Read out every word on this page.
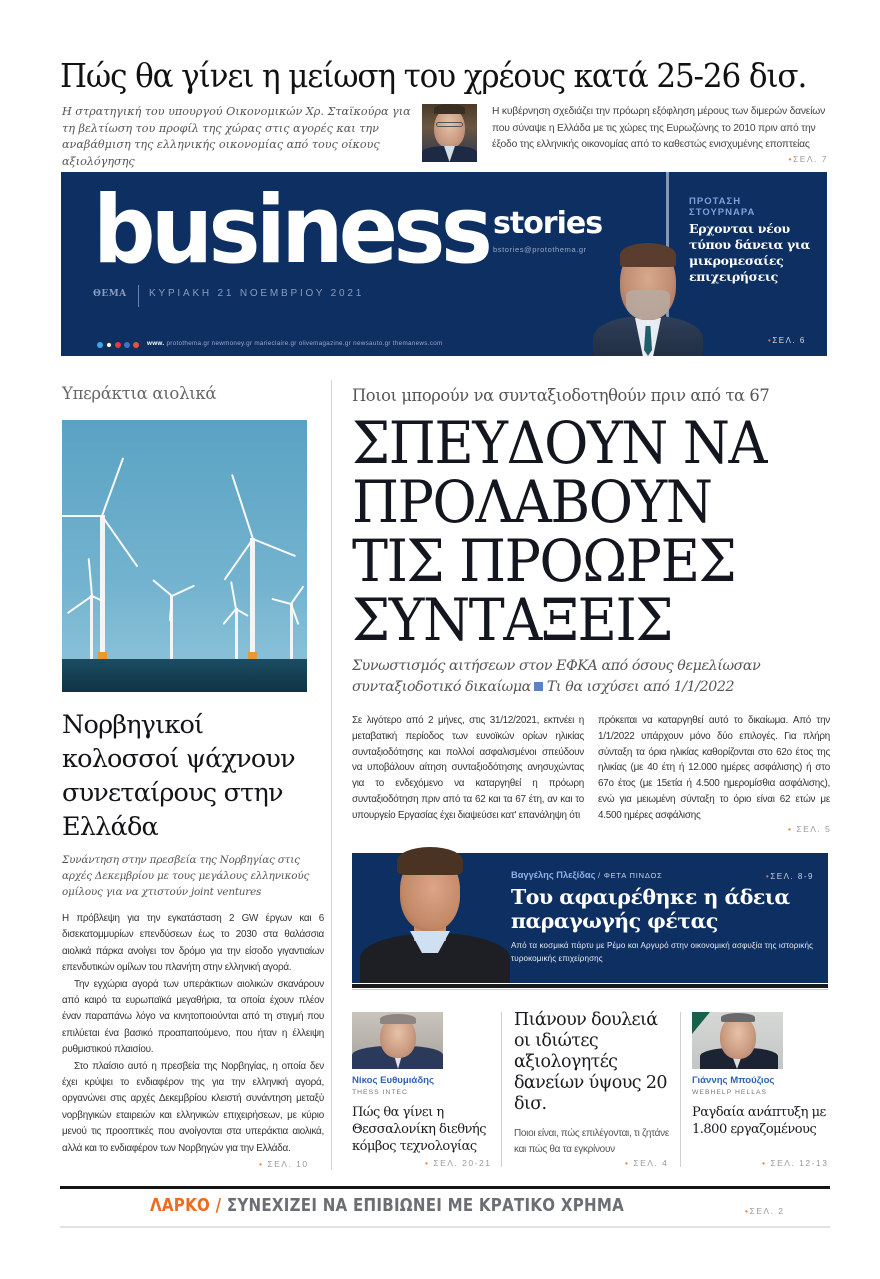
Πώς θα γίνει η μείωση του χρέους κατά 25-26 δισ.
Η στρατηγική του υπουργού Οικονομικών Χρ. Σταϊκούρα για τη βελτίωση του προφίλ της χώρας στις αγορές και την αναβάθμιση της ελληνικής οικονομίας από τους οίκους αξιολόγησης
Η κυβέρνηση σχεδιάζει την πρόωρη εξόφληση μέρους των διμερών δανείων που σύναψε η Ελλάδα με τις χώρες της Ευρωζώνης το 2010 πριν από την έξοδο της ελληνικής οικονομίας από το καθεστώς ενισχυμένης εποπτείας
•ΣΕΛ. 7
business stories
bstories@protothema.gr
ΘΕΜΑ ΚΥΡΙΑΚΗ 21 ΝΟΕΜΒΡΙΟΥ 2021
www. protothema.gr newmoney.gr marieclaire.gr olivemagazine.gr newsauto.gr themanews.com
ΠΡΟΤΑΣΗ ΣΤΟΥΡΝΑΡΑ
Ερχονται νέου τύπου δάνεια για μικρομεσαίες επιχειρήσεις
•ΣΕΛ. 6
Υπεράκτια αιολικά
Νορβηγικοί κολοσσοί ψάχνουν συνεταίρους στην Ελλάδα
Συνάντηση στην πρεσβεία της Νορβηγίας στις αρχές Δεκεμβρίου με τους μεγάλους ελληνικούς ομίλους για να χτιστούν joint ventures

Η πρόβλεψη για την εγκατάσταση 2 GW έργων και 6 δισεκατομμυρίων επενδύσεων έως το 2030 στα θαλάσσια αιολικά πάρκα ανοίγει τον δρόμο για την είσοδο γιγαντιαίων επενδυτικών ομίλων του πλανήτη στην ελληνική αγορά.

Την εγχώρια αγορά των υπεράκτιων αιολικών σκανάρουν από καιρό τα ευρωπαϊκά μεγαθήρια, τα οποία έχουν πλέον έναν παραπάνω λόγο να κινητοποιούνται από τη στιγμή που επιλύεται ένα βασικό προαπαιτούμενο, που ήταν η έλλειψη ρυθμιστικού πλαισίου.

Στο πλαίσιο αυτό η πρεσβεία της Νορβηγίας, η οποία δεν έχει κρύψει το ενδιαφέρον της για την ελληνική αγορά, οργανώνει στις αρχές Δεκεμβρίου κλειστή συνάντηση μεταξύ νορβηγικών εταιρειών και ελληνικών επιχειρήσεων, με κύριο μενού τις προοπτικές που ανοίγονται στα υπεράκτια αιολικά, αλλά και το ενδιαφέρον των Νορβηγών για την Ελλάδα.

• ΣΕΛ. 10
Ποιοι μπορούν να συνταξιοδοτηθούν πριν από τα 67
ΣΠΕΥΔΟΥΝ ΝΑ
ΠΡΟΛΑΒΟΥΝ
ΤΙΣ ΠΡΟΩΡΕΣ
ΣΥΝΤΑΞΕΙΣ
Συνωστισμός αιτήσεων στον ΕΦΚΑ από όσους θεμελίωσαν συνταξιοδοτικό δικαίωμα Τι θα ισχύσει από 1/1/2022
Σε λιγότερο από 2 μήνες, στις 31/12/2021, εκπνέει η μεταβατική περίοδος των ευνοϊκών ορίων ηλικίας συνταξιοδότησης και πολλοί ασφαλισμένοι σπεύδουν να υποβάλουν αίτηση συνταξιοδότησης ανησυχώντας για το ενδεχόμενο να καταργηθεί η πρόωρη συνταξιοδότηση πριν από τα 62 και τα 67 έτη, αν και το υπουργείο Εργασίας έχει διαψεύσει κατ' επανάληψη ότι
πρόκειται να καταργηθεί αυτό το δικαίωμα. Από την 1/1/2022 υπάρχουν μόνο δύο επιλογές. Για πλήρη σύνταξη τα όρια ηλικίας καθορίζονται στο 62ο έτος της ηλικίας (με 40 έτη ή 12.000 ημέρες ασφάλισης) ή στο 67ο έτος (με 15ετία ή 4.500 ημερομίσθια ασφάλισης), ενώ για μειωμένη σύνταξη το όριο είναι 62 ετών με 4.500 ημέρες ασφάλισης
• ΣΕΛ. 5
Βαγγέλης Πλεξίδας / ΦΕΤΑ ΠΙΝΔΟΣ	•ΣΕΛ. 8-9
Του αφαιρέθηκε η άδεια παραγωγής φέτας
Από τα κοσμικά πάρτυ με Ρέμο και Αργυρό στην οικονομική ασφυξία της ιστορικής τυροκομικής επιχείρησης
Νίκος Ευθυμιάδης
THESS INTEC
Πώς θα γίνει η Θεσσαλονίκη διεθνής κόμβος τεχνολογίας
• ΣΕΛ. 20-21
Πιάνουν δουλειά οι ιδιώτες αξιολογητές δανείων ύψους 20 δισ.
Ποιοι είναι, πώς επιλέγονται, τι ζητάνε και πώς θα τα εγκρίνουν
• ΣΕΛ. 4
Γιάννης Μπούζιος
WEBHELP HELLAS
Ραγδαία ανάπτυξη με 1.800 εργαζομένους
• ΣΕΛ. 12-13
ΛΑΡΚΟ / ΣΥΝΕΧΙΖΕΙ ΝΑ ΕΠΙΒΙΩΝΕΙ ΜΕ ΚΡΑΤΙΚΟ ΧΡΗΜΑ	•ΣΕΛ. 2
